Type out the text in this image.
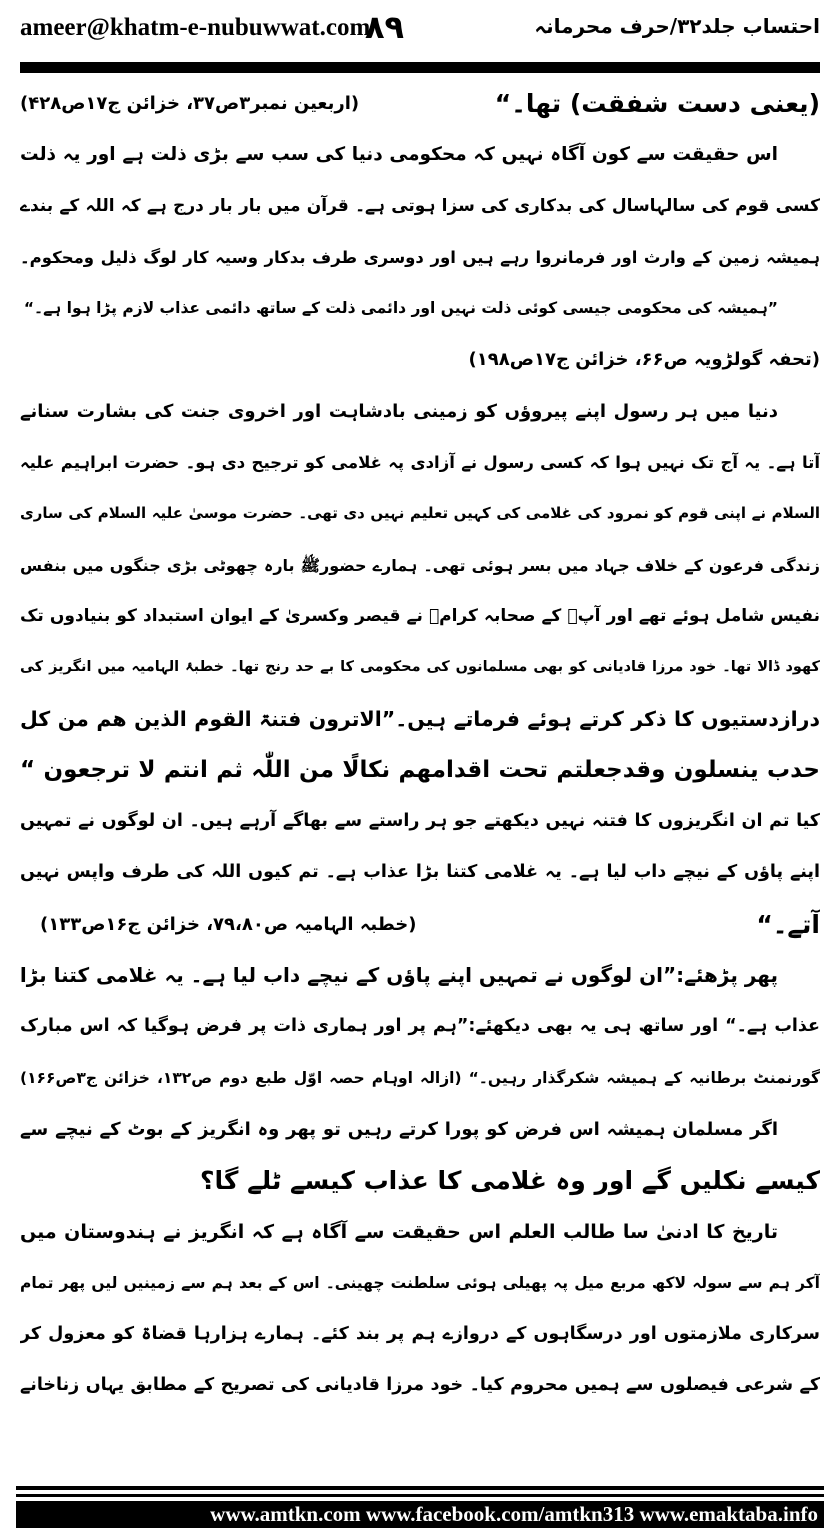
ameer@khatm-e-nubuwwat.com
۸۹	احتساب جلد۳۲/حرف محرمانہ
(یعنی دست شفقت) تھا۔“
(اربعین نمبر۳ص۳۷، خزائن ج۱۷ص۴۲۸)
اس حقیقت سے کون آگاہ نہیں کہ محکومی دنیا کی سب سے بڑی ذلت ہے اور یہ ذلت
کسی قوم کی سالہاسال کی بدکاری کی سزا ہوتی ہے۔ قرآن میں بار بار درج ہے کہ اللہ کے بندے
ہمیشہ زمین کے وارث اور فرمانروا رہے ہیں اور دوسری طرف بدکار وسیہ کار لوگ ذلیل ومحکوم۔
”ہمیشہ کی محکومی جیسی کوئی ذلت نہیں اور دائمی ذلت کے ساتھ دائمی عذاب لازم پڑا ہوا ہے۔“
(تحفہ گولڑویہ ص۶۶، خزائن ج۱۷ص۱۹۸)
دنیا میں ہر رسول اپنے پیروؤں کو زمینی بادشاہت اور اخروی جنت کی بشارت سنانے
آتا ہے۔ یہ آج تک نہیں ہوا کہ کسی رسول نے آزادی پہ غلامی کو ترجیح دی ہو۔ حضرت ابراہیم علیہ
السلام نے اپنی قوم کو نمرود کی غلامی کی کہیں تعلیم نہیں دی تھی۔ حضرت موسیٰ علیہ السلام کی ساری
زندگی فرعون کے خلاف جہاد میں بسر ہوئی تھی۔ ہمارے حضورﷺ بارہ چھوٹی بڑی جنگوں میں بنفس
نفیس شامل ہوئے تھے اور آپؐ کے صحابہ کرامؓ نے قیصر وکسریٰ کے ایوان استبداد کو بنیادوں تک
کھود ڈالا تھا۔ خود مرزا قادیانی کو بھی مسلمانوں کی محکومی کا بے حد رنج تھا۔ خطبۂ الہامیہ میں انگریز کی
درازدستیوں کا ذکر کرتے ہوئے فرماتے ہیں۔”الاترون فتنۃ القوم الذین ھم من کل
حدب ینسلون وقدجعلتم تحت اقدامھم نکالًا من اللّٰہ ثم انتم لا ترجعون “
کیا تم ان انگریزوں کا فتنہ نہیں دیکھتے جو ہر راستے سے بھاگے آرہے ہیں۔ ان لوگوں نے تمہیں
اپنے پاؤں کے نیچے داب لیا ہے۔ یہ غلامی کتنا بڑا عذاب ہے۔ تم کیوں اللہ کی طرف واپس نہیں
آتے۔“
(خطبہ الہامیہ ص۷۹،۸۰، خزائن ج۱۶ص۱۳۳)
پھر پڑھئے:”ان لوگوں نے تمہیں اپنے پاؤں کے نیچے داب لیا ہے۔ یہ غلامی کتنا بڑا
عذاب ہے۔“ اور ساتھ ہی یہ بھی دیکھئے:”ہم پر اور ہماری ذات پر فرض ہوگیا کہ اس مبارک
گورنمنٹ برطانیہ کے ہمیشہ شکرگذار رہیں۔“ (ازالہ اوہام حصہ اوّل طبع دوم ص۱۳۲، خزائن ج۳ص۱۶۶)
اگر مسلمان ہمیشہ اس فرض کو پورا کرتے رہیں تو پھر وہ انگریز کے بوٹ کے نیچے سے
کیسے نکلیں گے اور وہ غلامی کا عذاب کیسے ٹلے گا؟
تاریخ کا ادنیٰ سا طالب العلم اس حقیقت سے آگاہ ہے کہ انگریز نے ہندوستان میں
آکر ہم سے سولہ لاکھ مربع میل پہ پھیلی ہوئی سلطنت چھینی۔ اس کے بعد ہم سے زمینیں لیں پھر تمام
سرکاری ملازمتوں اور درسگاہوں کے دروازے ہم پر بند کئے۔ ہمارے ہزارہا قضاۃ کو معزول کر
کے شرعی فیصلوں سے ہمیں محروم کیا۔ خود مرزا قادیانی کی تصریح کے مطابق یہاں زناخانے
www.amtkn.com www.facebook.com/amtkn313 www.emaktaba.info
